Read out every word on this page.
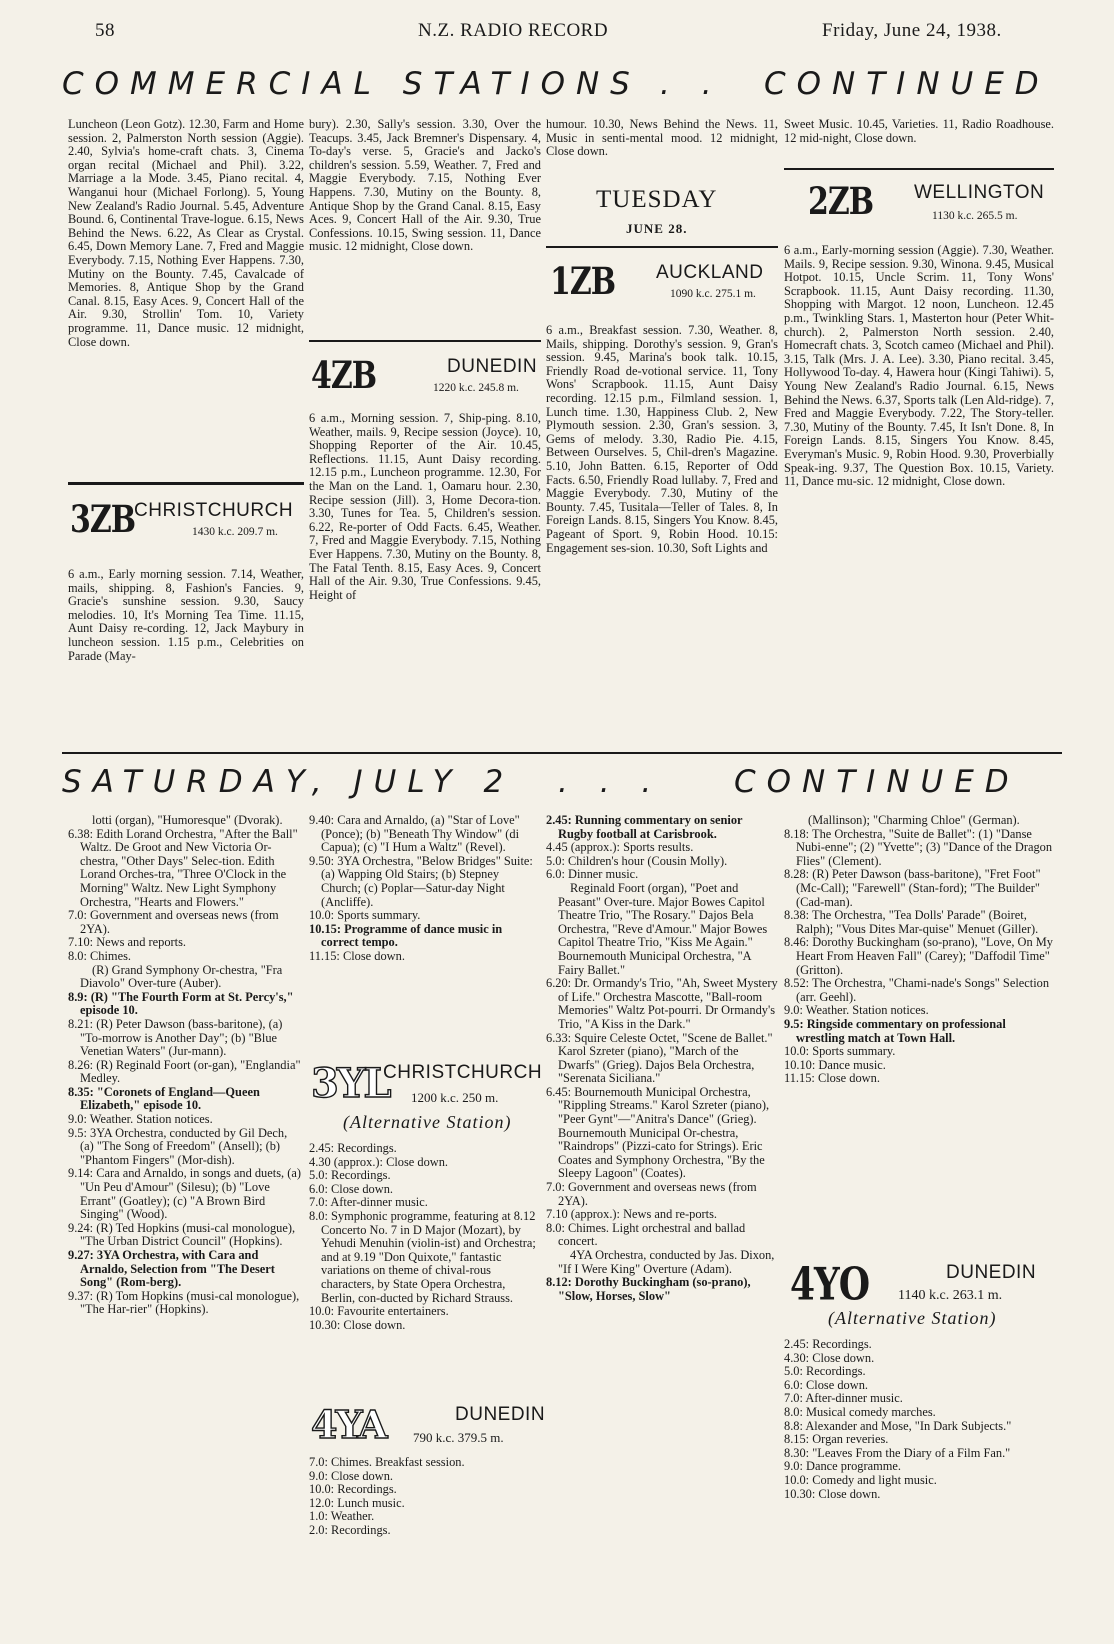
58	N.Z. RADIO RECORD	Friday, June 24, 1938.
COMMERCIAL STATIONS . . CONTINUED

Luncheon (Leon Gotz). 12.30, Farm and Home session. 2, Palmerston North session (Aggie). 2.40, Sylvia's home-craft chats. 3, Cinema organ recital (Michael and Phil). 3.22, Marriage a la Mode. 3.45, Piano recital. 4, Wanganui hour (Michael Forlong). 5, Young New Zealand's Radio Journal. 5.45, Adventure Bound. 6, Continental Trave-logue. 6.15, News Behind the News. 6.22, As Clear as Crystal. 6.45, Down Memory Lane. 7, Fred and Maggie Everybody. 7.15, Nothing Ever Happens. 7.30, Mutiny on the Bounty. 7.45, Cavalcade of Memories. 8, Antique Shop by the Grand Canal. 8.15, Easy Aces. 9, Concert Hall of the Air. 9.30, Strollin' Tom. 10, Variety programme. 11, Dance music. 12 midnight, Close down.

3ZB
CHRISTCHURCH
1430 k.c. 209.7 m.

6 a.m., Early morning session. 7.14, Weather, mails, shipping. 8, Fashion's Fancies. 9, Gracie's sunshine session. 9.30, Saucy melodies. 10, It's Morning Tea Time. 11.15, Aunt Daisy re-cording. 12, Jack Maybury in luncheon session. 1.15 p.m., Celebrities on Parade (May-

bury). 2.30, Sally's session. 3.30, Over the Teacups. 3.45, Jack Bremner's Dispensary. 4, To-day's verse. 5, Gracie's and Jacko's children's session. 5.59, Weather. 7, Fred and Maggie Everybody. 7.15, Nothing Ever Happens. 7.30, Mutiny on the Bounty. 8, Antique Shop by the Grand Canal. 8.15, Easy Aces. 9, Concert Hall of the Air. 9.30, True Confessions. 10.15, Swing session. 11, Dance music. 12 midnight, Close down.

4ZB	DUNEDIN
1220 k.c. 245.8 m.

6 a.m., Morning session. 7, Ship-ping. 8.10, Weather, mails. 9, Recipe session (Joyce). 10, Shopping Reporter of the Air. 10.45, Reflections. 11.15, Aunt Daisy recording. 12.15 p.m., Luncheon programme. 12.30, For the Man on the Land. 1, Oamaru hour. 2.30, Recipe session (Jill). 3, Home Decora-tion. 3.30, Tunes for Tea. 5, Children's session. 6.22, Re-porter of Odd Facts. 6.45, Weather. 7, Fred and Maggie Everybody. 7.15, Nothing Ever Happens. 7.30, Mutiny on the Bounty. 8, The Fatal Tenth. 8.15, Easy Aces. 9, Concert Hall of the Air. 9.30, True Confessions. 9.45, Height of

humour. 10.30, News Behind the News. 11, Music in senti-mental mood. 12 midnight, Close down.

TUESDAY
JUNE 28.
1ZB AUCKLAND
1090 k.c. 275.1 m.

6 a.m., Breakfast session. 7.30, Weather. 8, Mails, shipping. Dorothy's session. 9, Gran's session. 9.45, Marina's book talk. 10.15, Friendly Road de-votional service. 11, Tony Wons' Scrapbook. 11.15, Aunt Daisy recording. 12.15 p.m., Filmland session. 1, Lunch time. 1.30, Happiness Club. 2, New Plymouth session. 2.30, Gran's session. 3, Gems of melody. 3.30, Radio Pie. 4.15, Between Ourselves. 5, Chil-dren's Magazine. 5.10, John Batten. 6.15, Reporter of Odd Facts. 6.50, Friendly Road lullaby. 7, Fred and Maggie Everybody. 7.30, Mutiny of the Bounty. 7.45, Tusitala—Teller of Tales. 8, In Foreign Lands. 8.15, Singers You Know. 8.45, Pageant of Sport. 9, Robin Hood. 10.15: Engagement ses-sion. 10.30, Soft Lights and

Sweet Music. 10.45, Varieties. 11, Radio Roadhouse. 12 mid-night, Close down.

2ZB WELLINGTON
1130 k.c. 265.5 m.

6 a.m., Early-morning session (Aggie). 7.30, Weather. Mails. 9, Recipe session. 9.30, Winona. 9.45, Musical Hotpot. 10.15, Uncle Scrim. 11, Tony Wons' Scrapbook. 11.15, Aunt Daisy recording. 11.30, Shopping with Margot. 12 noon, Luncheon. 12.45 p.m., Twinkling Stars. 1, Masterton hour (Peter Whit-church). 2, Palmerston North session. 2.40, Homecraft chats. 3, Scotch cameo (Michael and Phil). 3.15, Talk (Mrs. J. A. Lee). 3.30, Piano recital. 3.45, Hollywood To-day. 4, Hawera hour (Kingi Tahiwi). 5, Young New Zealand's Radio Journal. 6.15, News Behind the News. 6.37, Sports talk (Len Ald-ridge). 7, Fred and Maggie Everybody. 7.22, The Story-teller. 7.30, Mutiny of the Bounty. 7.45, It Isn't Done. 8, In Foreign Lands. 8.15, Singers You Know. 8.45, Everyman's Music. 9, Robin Hood. 9.30, Proverbially Speak-ing. 9.37, The Question Box. 10.15, Variety. 11, Dance mu-sic. 12 midnight, Close down.

SATURDAY, JULY 2 . . . CONTINUED

lotti (organ), "Humoresque" (Dvorak).

6.38: Edith Lorand Orchestra, "After the Ball" Waltz. De Groot and New Victoria Or-chestra, "Other Days" Selec-tion. Edith Lorand Orches-tra, "Three O'Clock in the Morning" Waltz. New Light Symphony Orchestra, "Hearts and Flowers."

7.0: Government and overseas news (from 2YA).

7.10: News and reports.

8.0: Chimes.

(R) Grand Symphony Or-chestra, "Fra Diavolo" Over-ture (Auber).

8.9: (R) "The Fourth Form at St. Percy's," episode 10.

8.21: (R) Peter Dawson (bass-baritone), (a) "To-morrow is Another Day"; (b) "Blue Venetian Waters" (Jur-mann).

8.26: (R) Reginald Foort (or-gan), "Englandia" Medley.

8.35: "Coronets of England—Queen Elizabeth," episode 10.

9.0: Weather. Station notices.

9.5: 3YA Orchestra, conducted by Gil Dech, (a) "The Song of Freedom" (Ansell); (b) "Phantom Fingers" (Mor-dish).

9.14: Cara and Arnaldo, in songs and duets, (a) "Un Peu d'Amour" (Silesu); (b) "Love Errant" (Goatley); (c) "A Brown Bird Singing" (Wood).

9.24: (R) Ted Hopkins (musi-cal monologue), "The Urban District Council" (Hopkins).

9.27: 3YA Orchestra, with Cara and Arnaldo, Selection from "The Desert Song" (Rom-berg).

9.37: (R) Tom Hopkins (musi-cal monologue), "The Har-rier" (Hopkins).

9.40: Cara and Arnaldo, (a) "Star of Love" (Ponce); (b) "Beneath Thy Window" (di Capua); (c) "I Hum a Waltz" (Revel).

9.50: 3YA Orchestra, "Below Bridges" Suite: (a) Wapping Old Stairs; (b) Stepney Church; (c) Poplar—Satur-day Night (Ancliffe).

10.0: Sports summary.

10.15: Programme of dance music in correct tempo.

11.15: Close down.

3YL
CHRISTCHURCH
1200 k.c. 250 m.
(Alternative Station)

2.45: Recordings.

4.30 (approx.): Close down.

5.0: Recordings.

6.0: Close down.

7.0: After-dinner music.

8.0: Symphonic programme, featuring at 8.12 Concerto No. 7 in D Major (Mozart), by Yehudi Menuhin (violin-ist) and Orchestra; and at 9.19 "Don Quixote," fantastic variations on theme of chival-rous characters, by State Opera Orchestra, Berlin, con-ducted by Richard Strauss.

10.0: Favourite entertainers.

10.30: Close down.

4YA	DUNEDIN
790 k.c. 379.5 m.

7.0: Chimes. Breakfast session.

9.0: Close down.

10.0: Recordings.

12.0: Lunch music.

1.0: Weather.

2.0: Recordings.

2.45: Running commentary on senior Rugby football at Carisbrook.

4.45 (approx.): Sports results.

5.0: Children's hour (Cousin Molly).

6.0: Dinner music.

Reginald Foort (organ), "Poet and Peasant" Over-ture. Major Bowes Capitol Theatre Trio, "The Rosary." Dajos Bela Orchestra, "Reve d'Amour." Major Bowes Capitol Theatre Trio, "Kiss Me Again." Bournemouth Municipal Orchestra, "A Fairy Ballet."

6.20: Dr. Ormandy's Trio, "Ah, Sweet Mystery of Life." Orchestra Mascotte, "Ball-room Memories" Waltz Pot-pourri. Dr Ormandy's Trio, "A Kiss in the Dark."

6.33: Squire Celeste Octet, "Scene de Ballet." Karol Szreter (piano), "March of the Dwarfs" (Grieg). Dajos Bela Orchestra, "Serenata Siciliana."

6.45: Bournemouth Municipal Orchestra, "Rippling Streams." Karol Szreter (piano), "Peer Gynt"—"Anitra's Dance" (Grieg). Bournemouth Municipal Or-chestra, "Raindrops" (Pizzi-cato for Strings). Eric Coates and Symphony Orchestra, "By the Sleepy Lagoon" (Coates).

7.0: Government and overseas news (from 2YA).

7.10 (approx.): News and re-ports.

8.0: Chimes. Light orchestral and ballad concert.

4YA Orchestra, conducted by Jas. Dixon, "If I Were King" Overture (Adam).

8.12: Dorothy Buckingham (so-prano), "Slow, Horses, Slow"

(Mallinson); "Charming Chloe" (German).

8.18: The Orchestra, "Suite de Ballet": (1) "Danse Nubi-enne"; (2) "Yvette"; (3) "Dance of the Dragon Flies" (Clement).

8.28: (R) Peter Dawson (bass-baritone), "Fret Foot" (Mc-Call); "Farewell" (Stan-ford); "The Builder" (Cad-man).

8.38: The Orchestra, "Tea Dolls' Parade" (Boiret, Ralph); "Vous Dites Mar-quise" Menuet (Giller).

8.46: Dorothy Buckingham (so-prano), "Love, On My Heart From Heaven Fall" (Carey); "Daffodil Time" (Gritton).

8.52: The Orchestra, "Chami-nade's Songs" Selection (arr. Geehl).

9.0: Weather. Station notices.

9.5: Ringside commentary on professional wrestling match at Town Hall.

10.0: Sports summary.

10.10: Dance music.

11.15: Close down.

4YO	DUNEDIN
1140 k.c. 263.1 m.
(Alternative Station)

2.45: Recordings.

4.30: Close down.

5.0: Recordings.

6.0: Close down.

7.0: After-dinner music.

8.0: Musical comedy marches.

8.8: Alexander and Mose, "In Dark Subjects."

8.15: Organ reveries.

8.30: "Leaves From the Diary of a Film Fan."

9.0: Dance programme.

10.0: Comedy and light music.

10.30: Close down.
